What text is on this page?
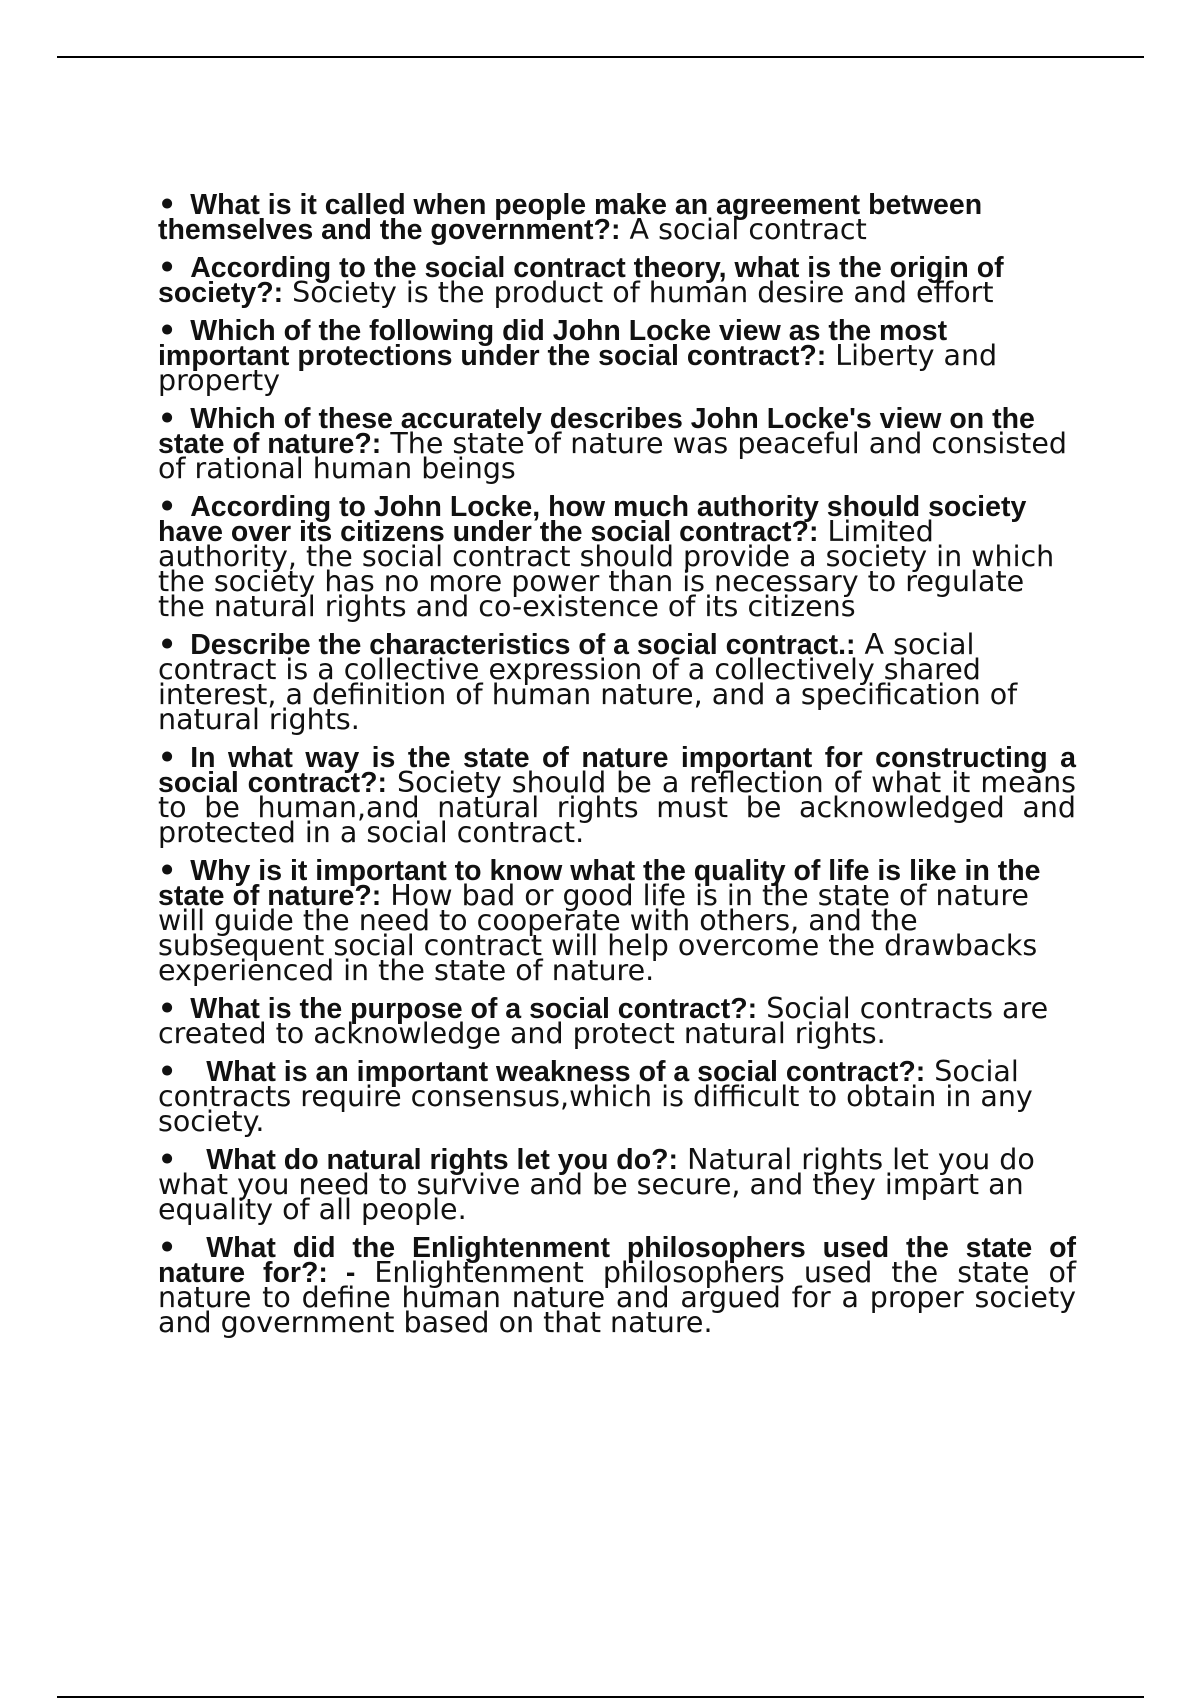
• What is it called when people make an agreement between themselves and the government?: A social contract
• According to the social contract theory, what is the origin of society?: Society is the product of human desire and effort
• Which of the following did John Locke view as the most important protections under the social contract?: Liberty and property
• Which of these accurately describes John Locke's view on the state of nature?: The state of nature was peaceful and consisted of rational human beings
• According to John Locke, how much authority should society have over its citizens under the social contract?: Limited authority, the social contract should provide a society in which the society has no more power than is necessary to regulate the natural rights and co-existence of its citizens
• Describe the characteristics of a social contract.: A social contract is a collective expression of a collectively shared interest, a definition of human nature, and a specification of natural rights.
• In what way is the state of nature important for constructing a social contract?: Society should be a reflection of what it means to be human,and natural rights must be acknowledged and protected in a social contract.
• Why is it important to know what the quality of life is like in the state of nature?: How bad or good life is in the state of nature will guide the need to cooperate with others, and the subsequent social contract will help overcome the drawbacks experienced in the state of nature.
• What is the purpose of a social contract?: Social contracts are created to acknowledge and protect natural rights.
• What is an important weakness of a social contract?: Social contracts require consensus,which is difficult to obtain in any society.
• What do natural rights let you do?: Natural rights let you do what you need to survive and be secure, and they impart an equality of all people.
• What did the Enlightenment philosophers used the state of nature for?: - Enlightenment philosophers used the state of nature to define human nature and argued for a proper society and government based on that nature.
